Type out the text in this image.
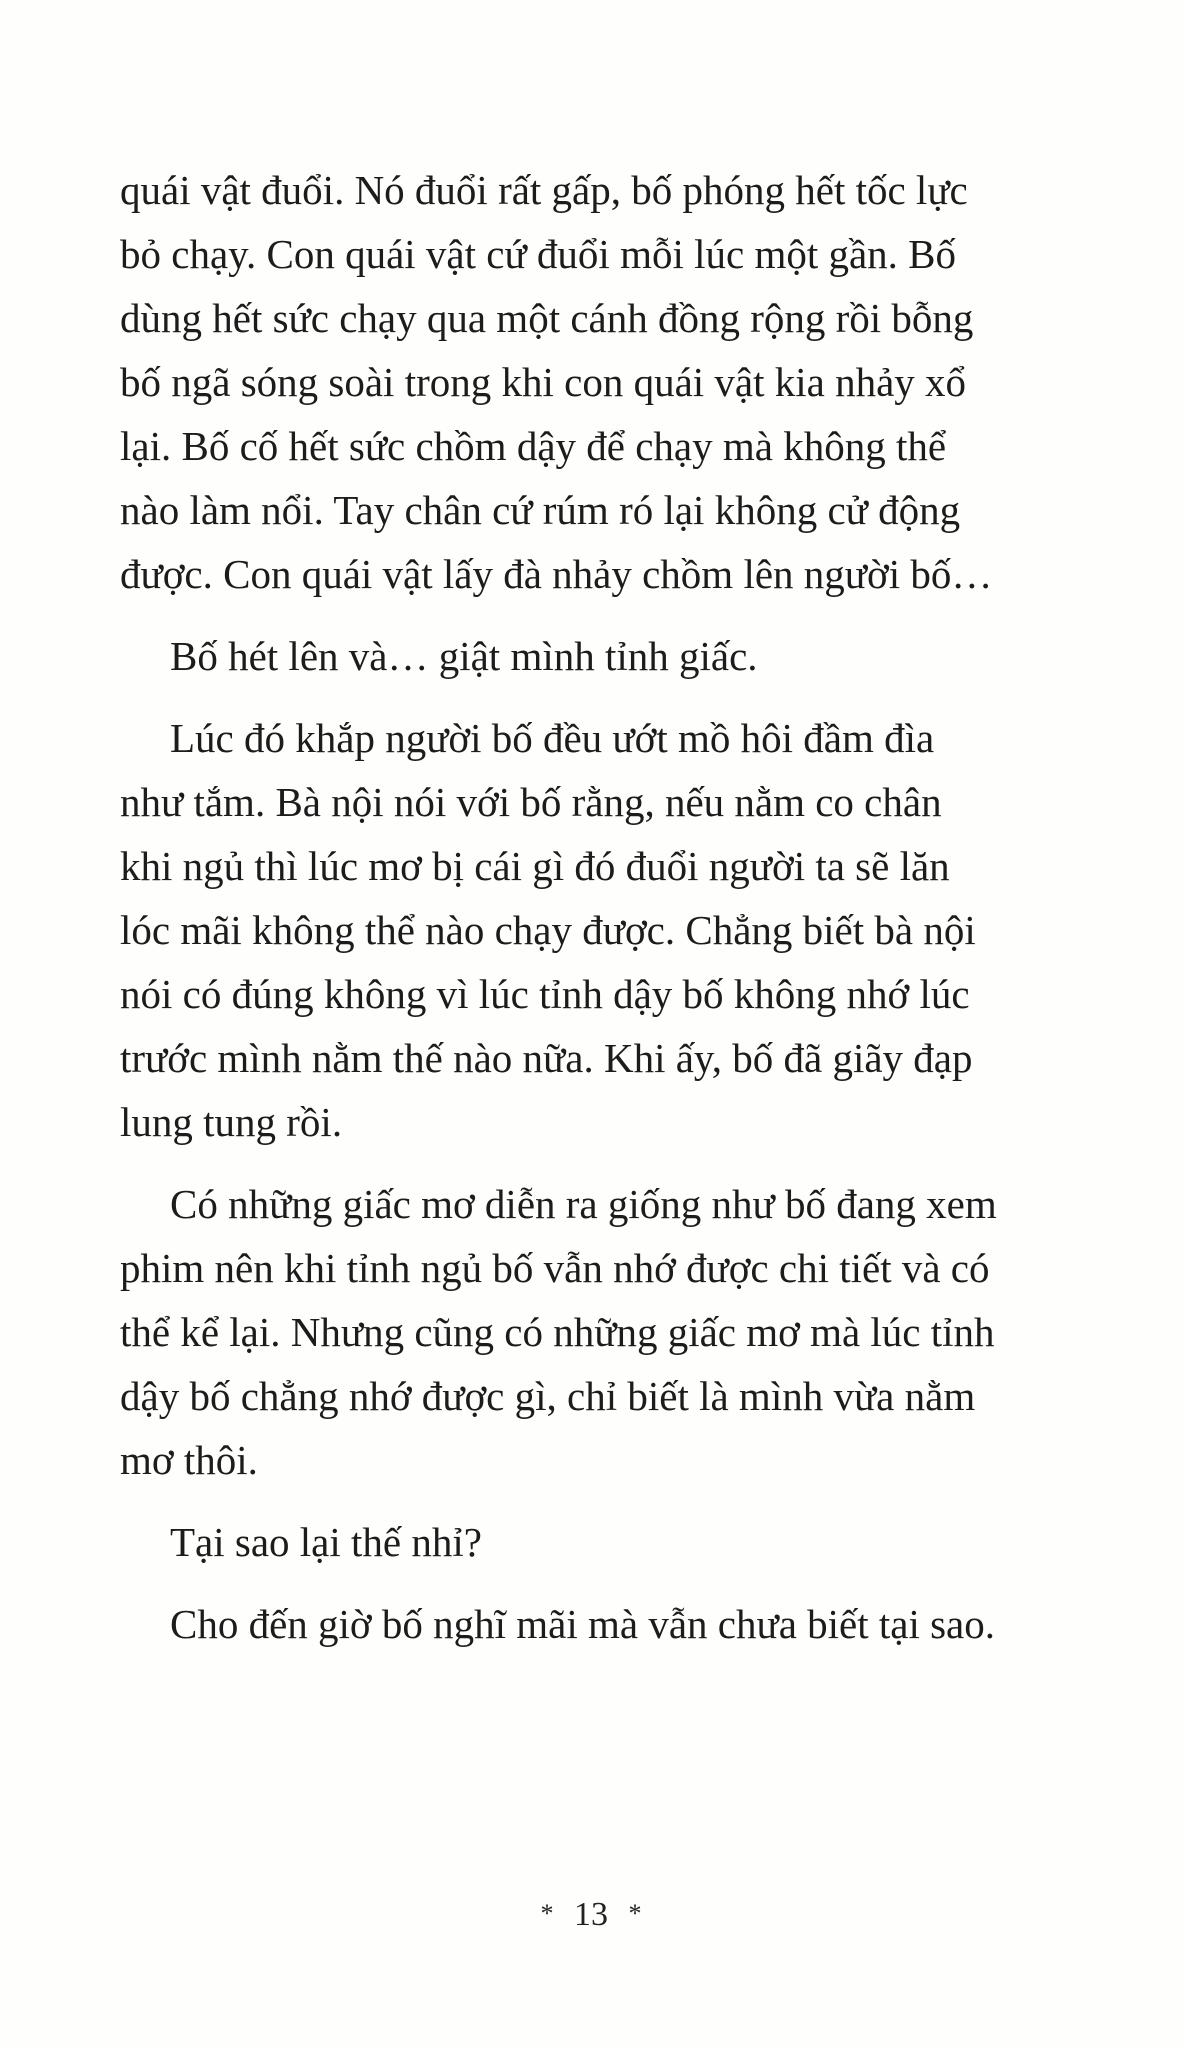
quái vật đuổi. Nó đuổi rất gấp, bố phóng hết tốc lực
bỏ chạy. Con quái vật cứ đuổi mỗi lúc một gần. Bố
dùng hết sức chạy qua một cánh đồng rộng rồi bỗng
bố ngã sóng soài trong khi con quái vật kia nhảy xổ
lại. Bố cố hết sức chồm dậy để chạy mà không thể
nào làm nổi. Tay chân cứ rúm ró lại không cử động
được. Con quái vật lấy đà nhảy chồm lên người bố…
Bố hét lên và… giật mình tỉnh giấc.
Lúc đó khắp người bố đều ướt mồ hôi đầm đìa
như tắm. Bà nội nói với bố rằng, nếu nằm co chân
khi ngủ thì lúc mơ bị cái gì đó đuổi người ta sẽ lăn
lóc mãi không thể nào chạy được. Chẳng biết bà nội
nói có đúng không vì lúc tỉnh dậy bố không nhớ lúc
trước mình nằm thế nào nữa. Khi ấy, bố đã giãy đạp
lung tung rồi.
Có những giấc mơ diễn ra giống như bố đang xem
phim nên khi tỉnh ngủ bố vẫn nhớ được chi tiết và có
thể kể lại. Nhưng cũng có những giấc mơ mà lúc tỉnh
dậy bố chẳng nhớ được gì, chỉ biết là mình vừa nằm
mơ thôi.
Tại sao lại thế nhỉ?
Cho đến giờ bố nghĩ mãi mà vẫn chưa biết tại sao.
* 13 *
